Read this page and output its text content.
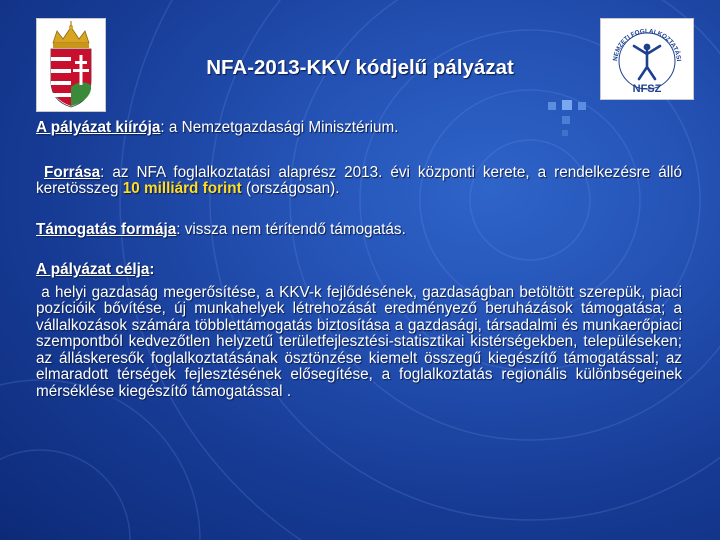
NEMZETI FOGLALKOZTATÁSI
NFSZ
NFA-2013-KKV kódjelű pályázat

A pályázat kiírója: a Nemzetgazdasági Minisztérium.

Forrása: az NFA foglalkoztatási alaprész 2013. évi központi kerete, a rendelkezésre álló keretösszeg 10 milliárd forint (országosan).

Támogatás formája: vissza nem térítendő támogatás.

A pályázat célja:

a helyi gazdaság megerősítése, a KKV-k fejlődésének, gazdaságban betöltött szerepük, piaci pozícióik bővítése, új munkahelyek létrehozását eredményező beruházások támogatása; a vállalkozások számára többlettámogatás biztosítása a gazdasági, társadalmi és munkaerőpiaci szempontból kedvezőtlen helyzetű területfejlesztési-statisztikai kistérségekben, településeken; az álláskeresők foglalkoztatásának ösztönzése kiemelt összegű kiegészítő támogatással; az elmaradott térségek fejlesztésének elősegítése, a foglalkoztatás regionális különbségeinek mérséklése kiegészítő támogatással .
